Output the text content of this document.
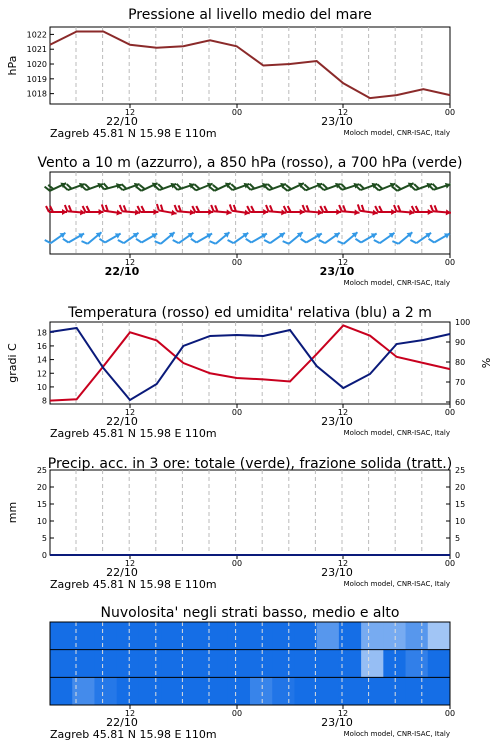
Pressione al livello medio del mare
12	00	12	00
22/10	23/10
Zagreb 45.81 N 15.98 E 110m	Moloch model, CNR-ISAC, Italy
1018
1019
1020
1021
1022
hPa
Vento a 10 m (azzurro), a 850 hPa (rosso), a 700 hPa (verde)
12	00	12	00
22/10	23/10
Moloch model, CNR-ISAC, Italy
Temperatura (rosso) ed umidita' relativa (blu) a 2 m
12	00	12	00
22/10	23/10
Zagreb 45.81 N 15.98 E 110m	Moloch model, CNR-ISAC, Italy
8
10
12
14
16
18
60
70
80
90
100
gradi C	%
Precip. acc. in 3 ore: totale (verde), frazione solida (tratt.)
12	00	12	00
22/10	23/10
Zagreb 45.81 N 15.98 E 110m	Moloch model, CNR-ISAC, Italy
0
5
10
15
20
25
0
5
10
15
20
25
mm
Nuvolosita' negli strati basso, medio e alto
12	00	12	00
22/10	23/10
Zagreb 45.81 N 15.98 E 110m	Moloch model, CNR-ISAC, Italy
